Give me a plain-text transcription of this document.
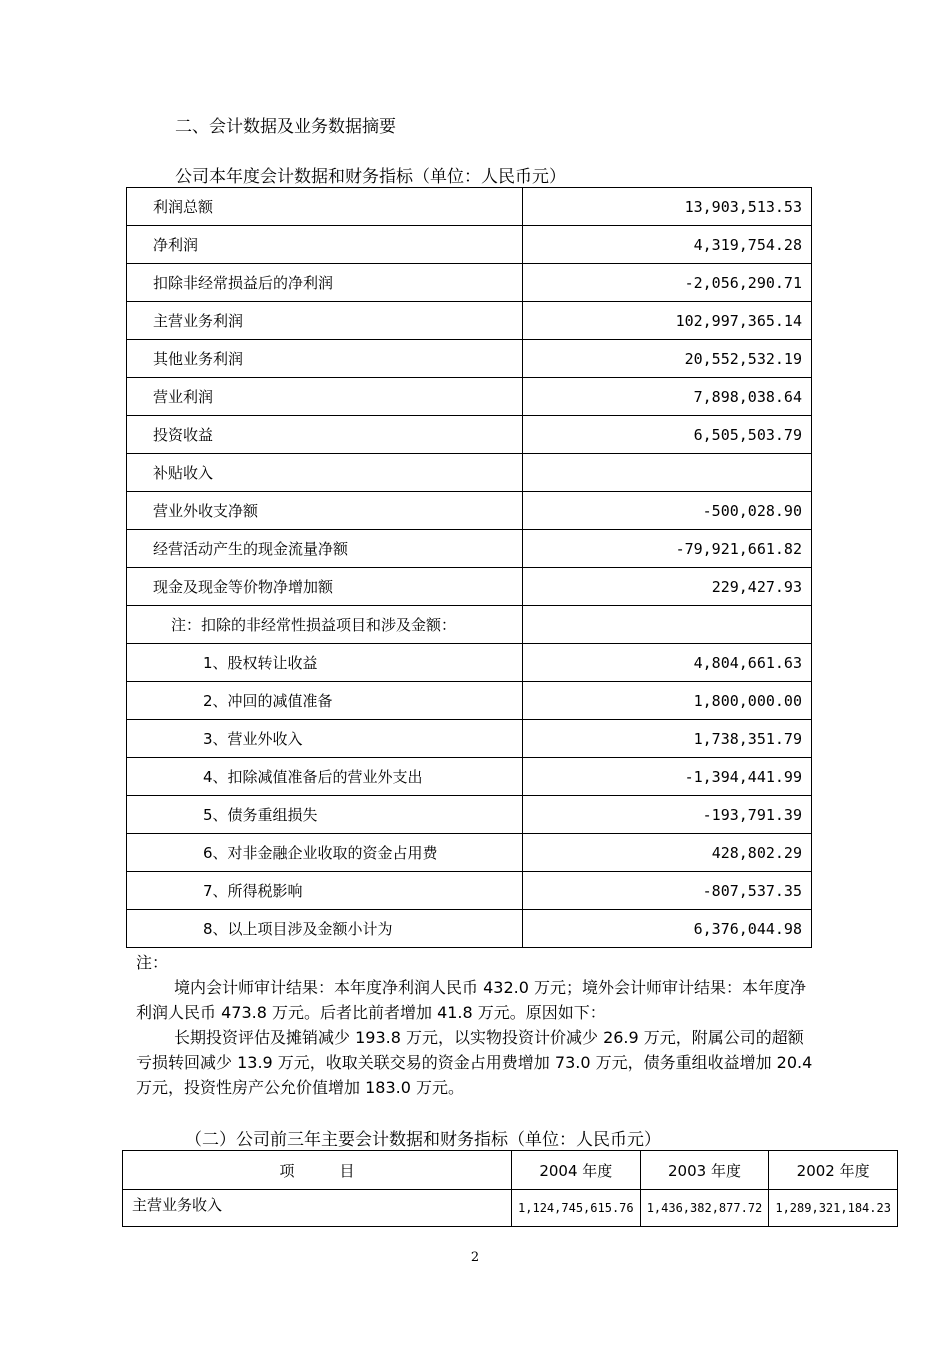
二、会计数据及业务数据摘要
公司本年度会计数据和财务指标（单位：人民币元）
利润总额	13,903,513.53
净利润	4,319,754.28
扣除非经常损益后的净利润	-2,056,290.71
主营业务利润	102,997,365.14
其他业务利润	20,552,532.19
营业利润	7,898,038.64
投资收益	6,505,503.79
补贴收入	
营业外收支净额	-500,028.90
经营活动产生的现金流量净额	-79,921,661.82
现金及现金等价物净增加额	229,427.93
注：扣除的非经常性损益项目和涉及金额：	
1、股权转让收益	4,804,661.63
2、冲回的减值准备	1,800,000.00
3、营业外收入	1,738,351.79
4、扣除减值准备后的营业外支出	-1,394,441.99
5、债务重组损失	-193,791.39
6、对非金融企业收取的资金占用费	428,802.29
7、所得税影响	-807,537.35
8、以上项目涉及金额小计为	6,376,044.98

注：

境内会计师审计结果：本年度净利润人民币 432.0 万元；境外会计师审计结果：本年度净利润人民币 473.8 万元。后者比前者增加 41.8 万元。原因如下：

长期投资评估及摊销减少 193.8 万元，以实物投资计价减少 26.9 万元，附属公司的超额亏损转回减少 13.9 万元，收取关联交易的资金占用费增加 73.0 万元，债务重组收益增加 20.4 万元，投资性房产公允价值增加 183.0 万元。

（二）公司前三年主要会计数据和财务指标（单位：人民币元）
项　　　目	2004 年度	2003 年度	2002 年度
主营业务收入	1,124,745,615.76	1,436,382,877.72	1,289,321,184.23
2
